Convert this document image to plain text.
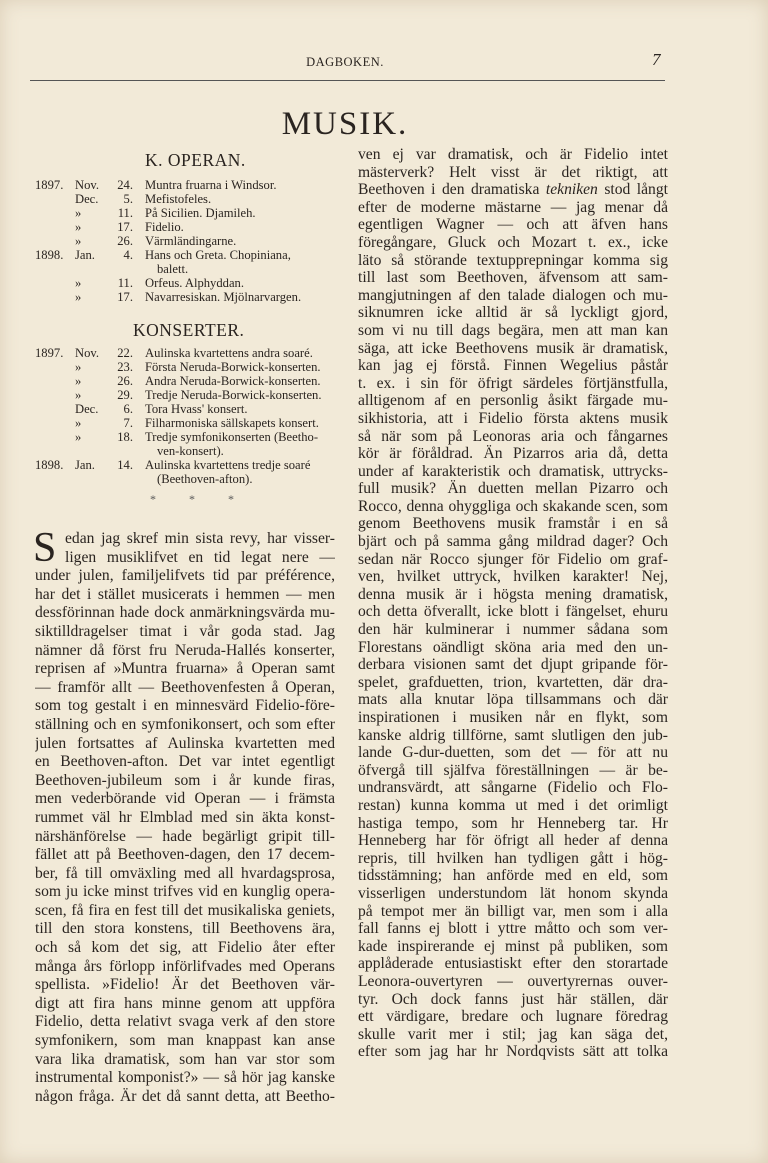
DAGBOKEN.	7
MUSIK.
K. OPERAN.
1897. Nov.	24. Muntra fruarna i Windsor.
Dec.	5. Mefistofeles.
»	11. På Sicilien. Djamileh.
»	17. Fidelio.
»	26. Värmländingarne.
1898. Jan.	4. Hans och Greta. Chopiniana,
balett.
»	11. Orfeus. Alphyddan.
»	17. Navarresiskan. Mjölnarvargen.
KONSERTER.
1897. Nov.	22. Aulinska kvartettens andra soaré.
»	23. Första Neruda-Borwick-konserten.
»	26. Andra Neruda-Borwick-konserten.
»	29. Tredje Neruda-Borwick-konserten.
Dec.	6. Tora Hvass' konsert.
»	7. Filharmoniska sällskapets konsert.
»	18. Tredje symfonikonserten (Beetho-
ven-konsert).
1898. Jan.	14. Aulinska kvartettens tredje soaré
(Beethoven-afton).
* * *
S edan jag skref min sista revy, har visser-
ligen musiklifvet en tid legat nere —
under julen, familjelifvets tid par préférence,
har det i stället musicerats i hemmen — men
dessförinnan hade dock anmärkningsvärda mu-
siktilldragelser timat i vår goda stad. Jag
nämner då först fru Neruda-Hallés konserter,
reprisen af »Muntra fruarna» å Operan samt
— framför allt — Beethovenfesten å Operan,
som tog gestalt i en minnesvärd Fidelio-före-
ställning och en symfonikonsert, och som efter
julen fortsattes af Aulinska kvartetten med
en Beethoven-afton. Det var intet egentligt
Beethoven-jubileum som i år kunde firas,
men vederbörande vid Operan — i främsta
rummet väl hr Elmblad med sin äkta konst-
närshänförelse — hade begärligt gripit till-
fället att på Beethoven-dagen, den 17 decem-
ber, få till omväxling med all hvardagsprosa,
som ju icke minst trifves vid en kunglig opera-
scen, få fira en fest till det musikaliska geniets,
till den stora konstens, till Beethovens ära,
och så kom det sig, att Fidelio åter efter
många års förlopp införlifvades med Operans
spellista. »Fidelio! Är det Beethoven vär-
digt att fira hans minne genom att uppföra
Fidelio, detta relativt svaga verk af den store
symfonikern, som man knappast kan anse
vara lika dramatisk, som han var stor som
instrumental komponist?» — så hör jag kanske
någon fråga. Är det då sannt detta, att Beetho-
ven ej var dramatisk, och är Fidelio intet
mästerverk? Helt visst är det riktigt, att
Beethoven i den dramatiska tekniken stod långt
efter de moderne mästarne — jag menar då
egentligen Wagner — och att äfven hans
föregångare, Gluck och Mozart t. ex., icke
läto så störande textupprepningar komma sig
till last som Beethoven, äfvensom att sam-
mangjutningen af den talade dialogen och mu-
siknumren icke alltid är så lyckligt gjord,
som vi nu till dags begära, men att man kan
säga, att icke Beethovens musik är dramatisk,
kan jag ej förstå. Finnen Wegelius påstår
t. ex. i sin för öfrigt särdeles förtjänstfulla,
alltigenom af en personlig åsikt färgade mu-
sikhistoria, att i Fidelio första aktens musik
så när som på Leonoras aria och fångarnes
kör är föråldrad. Än Pizarros aria då, detta
under af karakteristik och dramatisk, uttrycks-
full musik? Än duetten mellan Pizarro och
Rocco, denna ohyggliga och skakande scen, som
genom Beethovens musik framstår i en så
bjärt och på samma gång mildrad dager? Och
sedan när Rocco sjunger för Fidelio om graf-
ven, hvilket uttryck, hvilken karakter! Nej,
denna musik är i högsta mening dramatisk,
och detta öfverallt, icke blott i fängelset, ehuru
den här kulminerar i nummer sådana som
Florestans oändligt sköna aria med den un-
derbara visionen samt det djupt gripande för-
spelet, grafduetten, trion, kvartetten, där dra-
mats alla knutar löpa tillsammans och där
inspirationen i musiken når en flykt, som
kanske aldrig tillförne, samt slutligen den jub-
lande G-dur-duetten, som det — för att nu
öfvergå till själfva föreställningen — är be-
undransvärdt, att sångarne (Fidelio och Flo-
restan) kunna komma ut med i det orimligt
hastiga tempo, som hr Henneberg tar. Hr
Henneberg har för öfrigt all heder af denna
repris, till hvilken han tydligen gått i hög-
tidsstämning; han anförde med en eld, som
visserligen understundom lät honom skynda
på tempot mer än billigt var, men som i alla
fall fanns ej blott i yttre måtto och som ver-
kade inspirerande ej minst på publiken, som
applåderade entusiastiskt efter den storartade
Leonora-ouvertyren — ouvertyrernas ouver-
tyr. Och dock fanns just här ställen, där
ett värdigare, bredare och lugnare föredrag
skulle varit mer i stil; jag kan säga det,
efter som jag har hr Nordqvists sätt att tolka
